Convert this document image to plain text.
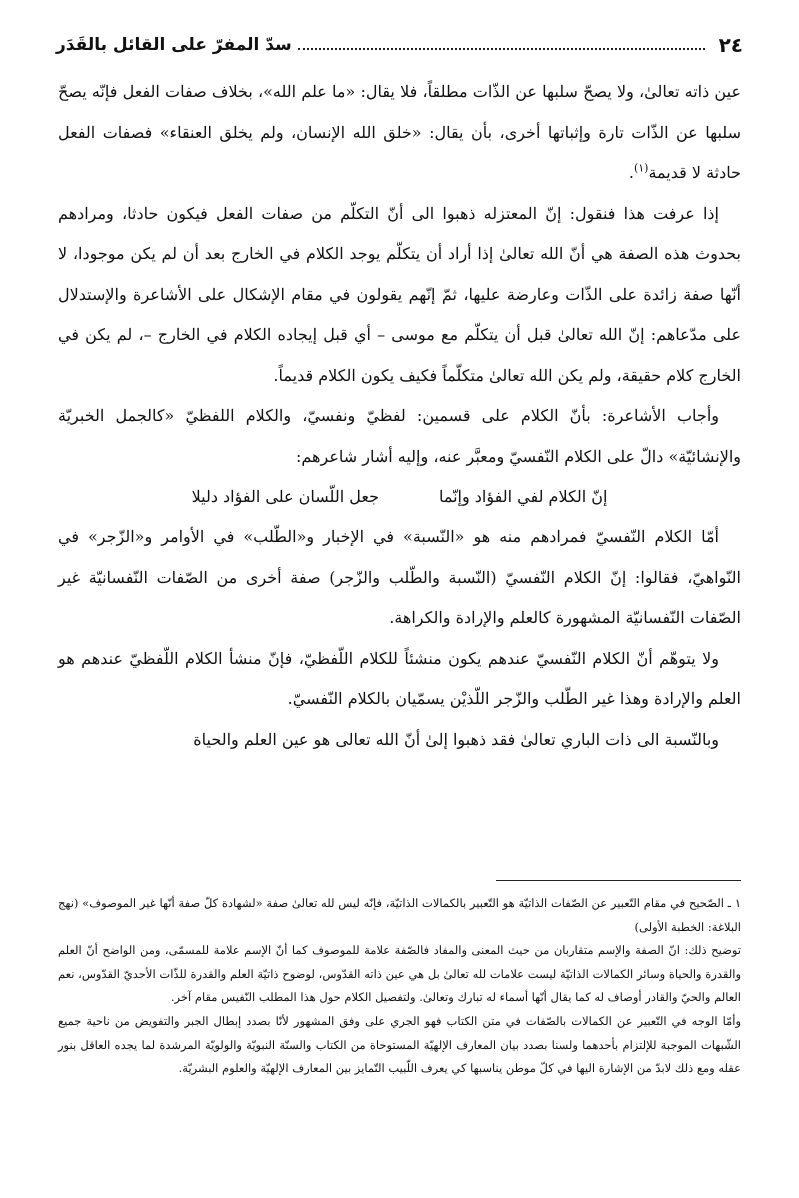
٢٤
سدّ المفرّ على القائل بالقَدَر

عين ذاته تعالىٰ، ولا يصحّ سلبها عن الذّات مطلقاً، فلا يقال: «ما علم الله»، بخلاف صفات الفعل فإنّه يصحّ سلبها عن الذّات تارة وإثباتها أخرى، بأن يقال: «خلق الله الإنسان، ولم يخلق العنقاء» فصفات الفعل حادثة لا قديمة$^{(١)}$.

إذا عرفت هذا فنقول: إنّ المعتزله ذهبوا الى أنّ التكلّم من صفات الفعل فيكون حادثا، ومرادهم بحدوث هذه الصفة هي أنّ الله تعالىٰ إذا أراد أن يتكلّم يوجد الكلام في الخارج بعد أن لم يكن موجودا، لا أنّها صفة زائدة على الذّات وعارضة عليها، ثمّ إنّهم يقولون في مقام الإشكال على الأشاعرة والإستدلال على مدّعاهم: إنّ الله تعالىٰ قبل أن يتكلّم مع موسى – أي قبل إيجاده الكلام في الخارج –، لم يكن في الخارج كلام حقيقة، ولم يكن الله تعالىٰ متكلّماً فكيف يكون الكلام قديماً.

وأجاب الأشاعرة: بأنّ الكلام على قسمين: لفظيّ ونفسيّ، والكلام اللفظيّ «كالجمل الخبريّة والإنشائيّة» دالّ على الكلام النّفسيّ ومعبَّر عنه، وإليه أشار شاعرهم:

إنّ الكلام لفي الفؤاد وإنّما
جعل اللّسان على الفؤاد دليلا

أمّا الكلام النّفسيّ فمرادهم منه هو «النّسبة» في الإخبار و«الطّلب» في الأوامر و«الزّجر» في النّواهيّ، فقالوا: إنّ الكلام النّفسيّ (النّسبة والطّلب والزّجر) صفة أخرى من الصّفات النّفسانيّة غير الصّفات النّفسانيّة المشهورة كالعلم والإرادة والكراهة.

ولا يتوهّم أنّ الكلام النّفسيّ عندهم يكون منشئاً للكلام اللّفظيّ، فإنّ منشأ الكلام اللّفظيّ عندهم هو العلم والإرادة وهذا غير الطّلب والزّجر اللّذيْن يسمّيان بالكلام النّفسيّ.

وبالنّسبة الى ذات الباري تعالىٰ فقد ذهبوا إلىٰ أنّ الله تعالى هو عين العلم والحياة

١ ـ الصّحيح في مقام التّعبير عن الصّفات الذاتيّة هو التّعبير بالكمالات الذاتيّة، فإنّه ليس لله تعالىٰ صفة «لشهادة كلّ صفة أنّها غير الموصوف» (نهج البلاغة: الخطبة الأولى)

توضيح ذلك: انّ الصفة والإسم متقاربان من حيث المعنى والمفاد فالصّفة علامة للموصوف كما أنّ الإسم علامة للمسمّى، ومن الواضح أنّ العلم والقدرة والحياة وسائر الكمالات الذاتيّة ليست علامات لله تعالىٰ بل هي عين ذاته القدّوس، لوضوح ذاتيّة العلم والقدرة للذّات الأحديّ القدّوس، نعم العالم والحيّ والقادر أوصاف له كما يقال أنّها أسماء له تبارك وتعالىٰ. ولتفصيل الكلام حول هذا المطلب النّفيس مقام آخر.

وأمّا الوجه في التّعبير عن الكمالات بالصّفات في متن الكتاب فهو الجري على وفق المشهور لأنّا بصدد إبطال الجبر والتفويض من ناحية جميع الشّبهات الموجبة للإلتزام بأحدهما ولسنا بصدد بيان المعارف الإلهيّة المستوحاة من الكتاب والسنّة النبويّة والولويّة المرشدة لما يجده العاقل بنور عقله ومع ذلك لابدّ من الإشارة اليها في كلّ موطن يناسبها كي يعرف اللّبيب التّمايز بين المعارف الإلهيّة والعلوم البشريّة.
